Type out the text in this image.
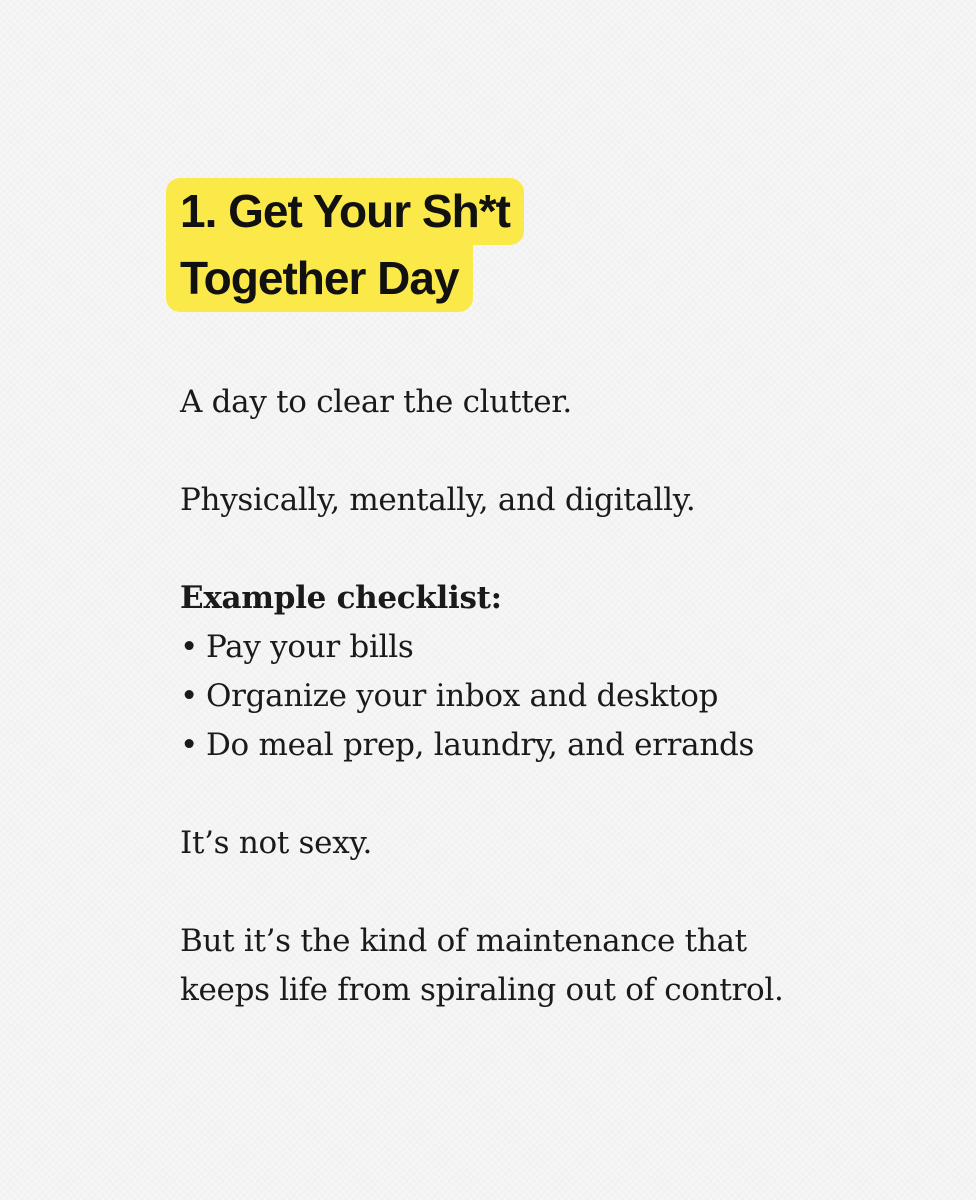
1. Get Your Sh*t
Together Day

A day to clear the clutter.

Physically, mentally, and digitally.

Example checklist:

• Pay your bills
• Organize your inbox and desktop
• Do meal prep, laundry, and errands

It’s not sexy.

But it’s the kind of maintenance that

keeps life from spiraling out of control.
